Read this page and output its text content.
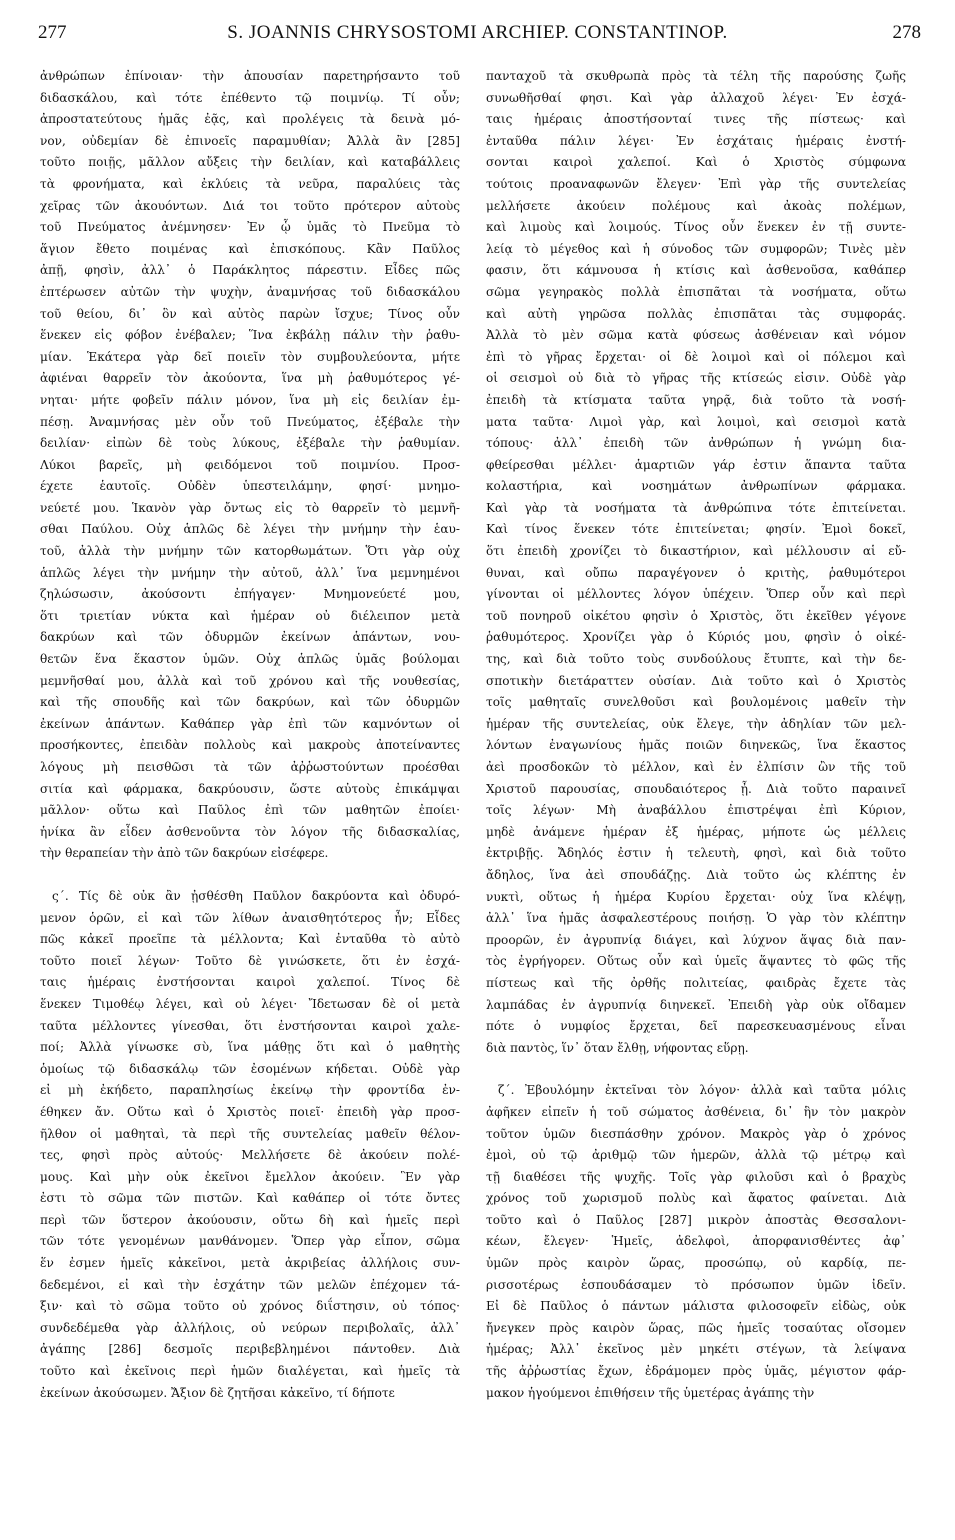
277	S. JOANNIS CHRYSOSTOMI ARCHIEP. CONSTANTINOP.	278

ἀνθρώπων ἐπίνοιαν· τὴν ἀπουσίαν παρετηρήσαντο τοῦ

διδασκάλου, καὶ τότε ἐπέθεντο τῷ ποιμνίῳ. Τί οὖν;

ἀπροστατεύτους ἡμᾶς ἐᾷς, καὶ προλέγεις τὰ δεινὰ μό-

νον, οὐδεμίαν δὲ ἐπινοεῖς παραμυθίαν; Ἀλλὰ ἂν [285]

τοῦτο ποιῇς, μᾶλλον αὔξεις τὴν δειλίαν, καὶ καταβάλλεις

τὰ φρονήματα, καὶ ἐκλύεις τὰ νεῦρα, παραλύεις τὰς

χεῖρας τῶν ἀκουόντων. Διά τοι τοῦτο πρότερον αὐτοὺς

τοῦ Πνεύματος ἀνέμνησεν· Ἐν ᾧ ὑμᾶς τὸ Πνεῦμα τὸ

ἅγιον ἔθετο ποιμένας καὶ ἐπισκόπους. Κἂν Παῦλος

ἀπῇ, φησὶν, ἀλλ᾽ ὁ Παράκλητος πάρεστιν. Εἶδες πῶς

ἐπτέρωσεν αὐτῶν τὴν ψυχὴν, ἀναμνήσας τοῦ διδασκάλου

τοῦ θείου, δι᾽ ὃν καὶ αὐτὸς παρὼν ἴσχυε; Τίνος οὖν

ἕνεκεν εἰς φόβον ἐνέβαλεν; Ἵνα ἐκβάλῃ πάλιν τὴν ῥαθυ-

μίαν. Ἑκάτερα γὰρ δεῖ ποιεῖν τὸν συμβουλεύοντα, μήτε

ἀφιέναι θαρρεῖν τὸν ἀκούοντα, ἵνα μὴ ῥαθυμότερος γέ-

νηται· μήτε φοβεῖν πάλιν μόνον, ἵνα μὴ εἰς δειλίαν ἐμ-

πέσῃ. Ἀναμνήσας μὲν οὖν τοῦ Πνεύματος, ἐξέβαλε τὴν

δειλίαν· εἰπὼν δὲ τοὺς λύκους, ἐξέβαλε τὴν ῥαθυμίαν.

Λύκοι βαρεῖς, μὴ φειδόμενοι τοῦ ποιμνίου. Προσ-

έχετε ἑαυτοῖς. Οὐδὲν ὑπεστειλάμην, φησί· μνημο-

νεύετέ μου. Ἱκανὸν γὰρ ὄντως εἰς τὸ θαρρεῖν τὸ μεμνῆ-

σθαι Παύλου. Οὐχ ἁπλῶς δὲ λέγει τὴν μνήμην τὴν ἑαυ-

τοῦ, ἀλλὰ τὴν μνήμην τῶν κατορθωμάτων. Ὅτι γὰρ οὐχ

ἁπλῶς λέγει τὴν μνήμην τὴν αὐτοῦ, ἀλλ᾽ ἵνα μεμνημένοι

ζηλώσωσιν, ἀκούσοντι ἐπήγαγεν· Μνημονεύετέ μου,

ὅτι τριετίαν νύκτα καὶ ἡμέραν οὐ διέλειπον μετὰ

δακρύων καὶ τῶν ὀδυρμῶν ἐκείνων ἁπάντων, νου-

θετῶν ἕνα ἕκαστον ὑμῶν. Οὐχ ἁπλῶς ὑμᾶς βούλομαι

μεμνῆσθαί μου, ἀλλὰ καὶ τοῦ χρόνου καὶ τῆς νουθεσίας,

καὶ τῆς σπουδῆς καὶ τῶν δακρύων, καὶ τῶν ὀδυρμῶν

ἐκείνων ἁπάντων. Καθάπερ γὰρ ἐπὶ τῶν καμνόντων οἱ

προσήκοντες, ἐπειδὰν πολλοὺς καὶ μακροὺς ἀποτείναντες

λόγους μὴ πεισθῶσι τὰ τῶν ἀῤῥωστούντων προέσθαι

σιτία καὶ φάρμακα, δακρύουσιν, ὥστε αὐτοὺς ἐπικάμψαι

μᾶλλον· οὕτω καὶ Παῦλος ἐπὶ τῶν μαθητῶν ἐποίει·

ἡνίκα ἂν εἶδεν ἀσθενοῦντα τὸν λόγον τῆς διδασκαλίας,

τὴν θεραπείαν τὴν ἀπὸ τῶν δακρύων εἰσέφερε.

ς΄. Τίς δὲ οὐκ ἂν ᾐσθέσθη Παῦλον δακρύοντα καὶ ὀδυρό-

μενον ὁρῶν, εἰ καὶ τῶν λίθων ἀναισθητότερος ἦν; Εἶδες

πῶς κἀκεῖ προεῖπε τὰ μέλλοντα; Καὶ ἐνταῦθα τὸ αὐτὸ

τοῦτο ποιεῖ λέγων· Τοῦτο δὲ γινώσκετε, ὅτι ἐν ἐσχά-

ταις ἡμέραις ἐνστήσονται καιροὶ χαλεποί. Τίνος δὲ

ἕνεκεν Τιμοθέῳ λέγει, καὶ οὐ λέγει· Ἴδετωσαν δὲ οἱ μετὰ

ταῦτα μέλλοντες γίνεσθαι, ὅτι ἐνστήσονται καιροὶ χαλε-

ποί; Ἀλλὰ γίνωσκε σὺ, ἵνα μάθῃς ὅτι καὶ ὁ μαθητὴς

ὁμοίως τῷ διδασκάλῳ τῶν ἐσομένων κήδεται. Οὐδὲ γὰρ

εἰ μὴ ἐκήδετο, παραπλησίως ἐκείνῳ τὴν φροντίδα ἐν-

έθηκεν ἄν. Οὕτω καὶ ὁ Χριστὸς ποιεῖ· ἐπειδὴ γὰρ προσ-

ῆλθον οἱ μαθηταὶ, τὰ περὶ τῆς συντελείας μαθεῖν θέλον-

τες, φησὶ πρὸς αὐτούς· Μελλήσετε δὲ ἀκούειν πολέ-

μους. Καὶ μὴν οὐκ ἐκεῖνοι ἔμελλον ἀκούειν. Ἓν γὰρ

ἐστι τὸ σῶμα τῶν πιστῶν. Καὶ καθάπερ οἱ τότε ὄντες

περὶ τῶν ὕστερον ἀκούουσιν, οὕτω δὴ καὶ ἡμεῖς περὶ

τῶν τότε γενομένων μανθάνομεν. Ὅπερ γὰρ εἶπον, σῶμα

ἕν ἐσμεν ἡμεῖς κἀκεῖνοι, μετὰ ἀκριβείας ἀλλήλοις συν-

δεδεμένοι, εἰ καὶ τὴν ἐσχάτην τῶν μελῶν ἐπέχομεν τά-

ξιν· καὶ τὸ σῶμα τοῦτο οὐ χρόνος διΐστησιν, οὐ τόπος·

συνδεδέμεθα γὰρ ἀλλήλοις, οὐ νεύρων περιβολαῖς, ἀλλ᾽

ἀγάπης [286] δεσμοῖς περιβεβλημένοι πάντοθεν. Διὰ

τοῦτο καὶ ἐκεῖνοις περὶ ἡμῶν διαλέγεται, καὶ ἡμεῖς τὰ

ἐκείνων ἀκούσωμεν. Ἄξιον δὲ ζητῆσαι κἀκεῖνο, τί δήποτε

πανταχοῦ τὰ σκυθρωπὰ πρὸς τὰ τέλη τῆς παρούσης ζωῆς

συνωθῆσθαί φησι. Καὶ γὰρ ἀλλαχοῦ λέγει· Ἐν ἐσχά-

ταις ἡμέραις ἀποστήσονταί τινες τῆς πίστεως· καὶ

ἐνταῦθα πάλιν λέγει· Ἐν ἐσχάταις ἡμέραις ἐνστή-

σονται καιροὶ χαλεποί. Καὶ ὁ Χριστὸς σύμφωνα

τούτοις προαναφωνῶν ἔλεγεν· Ἐπὶ γὰρ τῆς συντελείας

μελλήσετε ἀκούειν πολέμους καὶ ἀκοὰς πολέμων,

καὶ λιμοὺς καὶ λοιμούς. Τίνος οὖν ἕνεκεν ἐν τῇ συντε-

λείᾳ τὸ μέγεθος καὶ ἡ σύνοδος τῶν συμφορῶν; Τινὲς μὲν

φασιν, ὅτι κάμνουσα ἡ κτίσις καὶ ἀσθενοῦσα, καθάπερ

σῶμα γεγηρακὸς πολλὰ ἐπισπᾶται τὰ νοσήματα, οὕτω

καὶ αὐτὴ γηρῶσα πολλὰς ἐπισπᾶται τὰς συμφοράς.

Ἀλλὰ τὸ μὲν σῶμα κατὰ φύσεως ἀσθένειαν καὶ νόμον

ἐπὶ τὸ γῆρας ἔρχεται· οἱ δὲ λοιμοὶ καὶ οἱ πόλεμοι καὶ

οἱ σεισμοὶ οὐ διὰ τὸ γῆρας τῆς κτίσεώς εἰσιν. Οὐδὲ γὰρ

ἐπειδὴ τὰ κτίσματα ταῦτα γηρᾷ, διὰ τοῦτο τὰ νοσή-

ματα ταῦτα· Λιμοὶ γὰρ, καὶ λοιμοὶ, καὶ σεισμοὶ κατὰ

τόπους· ἀλλ᾽ ἐπειδὴ τῶν ἀνθρώπων ἡ γνώμη δια-

φθείρεσθαι μέλλει· ἁμαρτιῶν γάρ ἐστιν ἅπαντα ταῦτα

κολαστήρια, καὶ νοσημάτων ἀνθρωπίνων φάρμακα.

Καὶ γὰρ τὰ νοσήματα τὰ ἀνθρώπινα τότε ἐπιτείνεται.

Καὶ τίνος ἕνεκεν τότε ἐπιτείνεται; φησίν. Ἐμοὶ δοκεῖ,

ὅτι ἐπειδὴ χρονίζει τὸ δικαστήριον, καὶ μέλλουσιν αἱ εὔ-

θυναι, καὶ οὔπω παραγέγονεν ὁ κριτὴς, ῥαθυμότεροι

γίνονται οἱ μέλλοντες λόγον ὑπέχειν. Ὅπερ οὖν καὶ περὶ

τοῦ πονηροῦ οἰκέτου φησὶν ὁ Χριστὸς, ὅτι ἐκεῖθεν γέγονε

ῥαθυμότερος. Χρονίζει γὰρ ὁ Κύριός μου, φησὶν ὁ οἰκέ-

της, καὶ διὰ τοῦτο τοὺς συνδούλους ἔτυπτε, καὶ τὴν δε-

σποτικὴν διετάραττεν οὐσίαν. Διὰ τοῦτο καὶ ὁ Χριστὸς

τοῖς μαθηταῖς συνελθοῦσι καὶ βουλομένοις μαθεῖν τὴν

ἡμέραν τῆς συντελείας, οὐκ ἔλεγε, τὴν ἀδηλίαν τῶν μελ-

λόντων ἐναγωνίους ἡμᾶς ποιῶν διηνεκῶς, ἵνα ἕκαστος

ἀεὶ προσδοκῶν τὸ μέλλον, καὶ ἐν ἐλπίσιν ὢν τῆς τοῦ

Χριστοῦ παρουσίας, σπουδαιότερος ᾖ. Διὰ τοῦτο παραινεῖ

τοῖς λέγων· Μὴ ἀναβάλλου ἐπιστρέψαι ἐπὶ Κύριον,

μηδὲ ἀνάμενε ἡμέραν ἐξ ἡμέρας, μήποτε ὡς μέλλεις

ἐκτριβῇς. Ἄδηλός ἐστιν ἡ τελευτὴ, φησὶ, καὶ διὰ τοῦτο

ἄδηλος, ἵνα ἀεὶ σπουδάζῃς. Διὰ τοῦτο ὡς κλέπτης ἐν

νυκτὶ, οὕτως ἡ ἡμέρα Κυρίου ἔρχεται· οὐχ ἵνα κλέψῃ,

ἀλλ᾽ ἵνα ἡμᾶς ἀσφαλεστέρους ποιήσῃ. Ὁ γὰρ τὸν κλέπτην

προορῶν, ἐν ἀγρυπνίᾳ διάγει, καὶ λύχνον ἅψας διὰ παν-

τὸς ἐγρήγορεν. Οὕτως οὖν καὶ ὑμεῖς ἅψαντες τὸ φῶς τῆς

πίστεως καὶ τῆς ὀρθῆς πολιτείας, φαιδρὰς ἔχετε τὰς

λαμπάδας ἐν ἀγρυπνίᾳ διηνεκεῖ. Ἐπειδὴ γὰρ οὐκ οἴδαμεν

πότε ὁ νυμφίος ἔρχεται, δεῖ παρεσκευασμένους εἶναι

διὰ παντὸς, ἵν᾽ ὅταν ἔλθῃ, νήφοντας εὕρῃ.

ζ΄. Ἐβουλόμην ἐκτεῖναι τὸν λόγον· ἀλλὰ καὶ ταῦτα μόλις

ἀφῆκεν εἰπεῖν ἡ τοῦ σώματος ἀσθένεια, δι᾽ ἣν τὸν μακρὸν

τοῦτον ὑμῶν διεσπάσθην χρόνον. Μακρὸς γὰρ ὁ χρόνος

ἐμοὶ, οὐ τῷ ἀριθμῷ τῶν ἡμερῶν, ἀλλὰ τῷ μέτρῳ καὶ

τῇ διαθέσει τῆς ψυχῆς. Τοῖς γὰρ φιλοῦσι καὶ ὁ βραχὺς

χρόνος τοῦ χωρισμοῦ πολὺς καὶ ἄφατος φαίνεται. Διὰ

τοῦτο καὶ ὁ Παῦλος [287] μικρὸν ἀποστὰς Θεσσαλονι-

κέων, ἔλεγεν· Ἡμεῖς, ἀδελφοὶ, ἀπορφανισθέντες ἀφ᾽

ὑμῶν πρὸς καιρὸν ὥρας, προσώπῳ, οὐ καρδίᾳ, πε-

ρισσοτέρως ἐσπουδάσαμεν τὸ πρόσωπον ὑμῶν ἰδεῖν.

Εἰ δὲ Παῦλος ὁ πάντων μάλιστα φιλοσοφεῖν εἰδὼς, οὐκ

ἤνεγκεν πρὸς καιρὸν ὥρας, πῶς ἡμεῖς τοσαύτας οἴσομεν

ἡμέρας; Ἀλλ᾽ ἐκεῖνος μὲν μηκέτι στέγων, τὰ λείψανα

τῆς ἀῤῥωστίας ἔχων, ἐδράμομεν πρὸς ὑμᾶς, μέγιστον φάρ-

μακον ἡγούμενοι ἐπιθήσειν τῆς ὑμετέρας ἀγάπης τὴν
